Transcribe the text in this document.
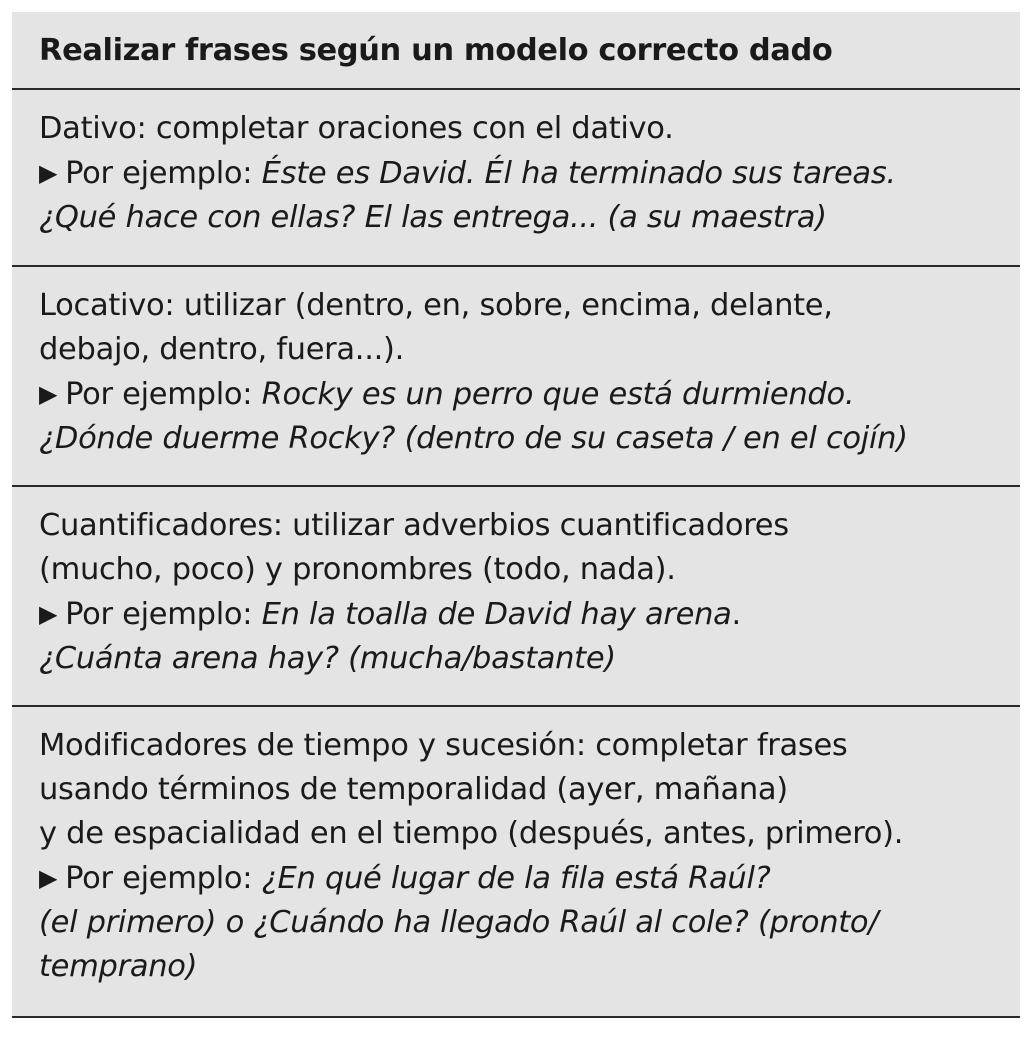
Realizar frases según un modelo correcto dado
Dativo: completar oraciones con el dativo.
▶ Por ejemplo: Éste es David. Él ha terminado sus tareas.
¿Qué hace con ellas? El las entrega... (a su maestra)
Locativo: utilizar (dentro, en, sobre, encima, delante,
debajo, dentro, fuera...).
▶ Por ejemplo: Rocky es un perro que está durmiendo.
¿Dónde duerme Rocky? (dentro de su caseta / en el cojín)
Cuantificadores: utilizar adverbios cuantificadores
(mucho, poco) y pronombres (todo, nada).
▶ Por ejemplo: En la toalla de David hay arena.
¿Cuánta arena hay? (mucha/bastante)
Modificadores de tiempo y sucesión: completar frases
usando términos de temporalidad (ayer, mañana)
y de espacialidad en el tiempo (después, antes, primero).
▶ Por ejemplo: ¿En qué lugar de la fila está Raúl?
(el primero) o ¿Cuándo ha llegado Raúl al cole? (pronto/
temprano)
